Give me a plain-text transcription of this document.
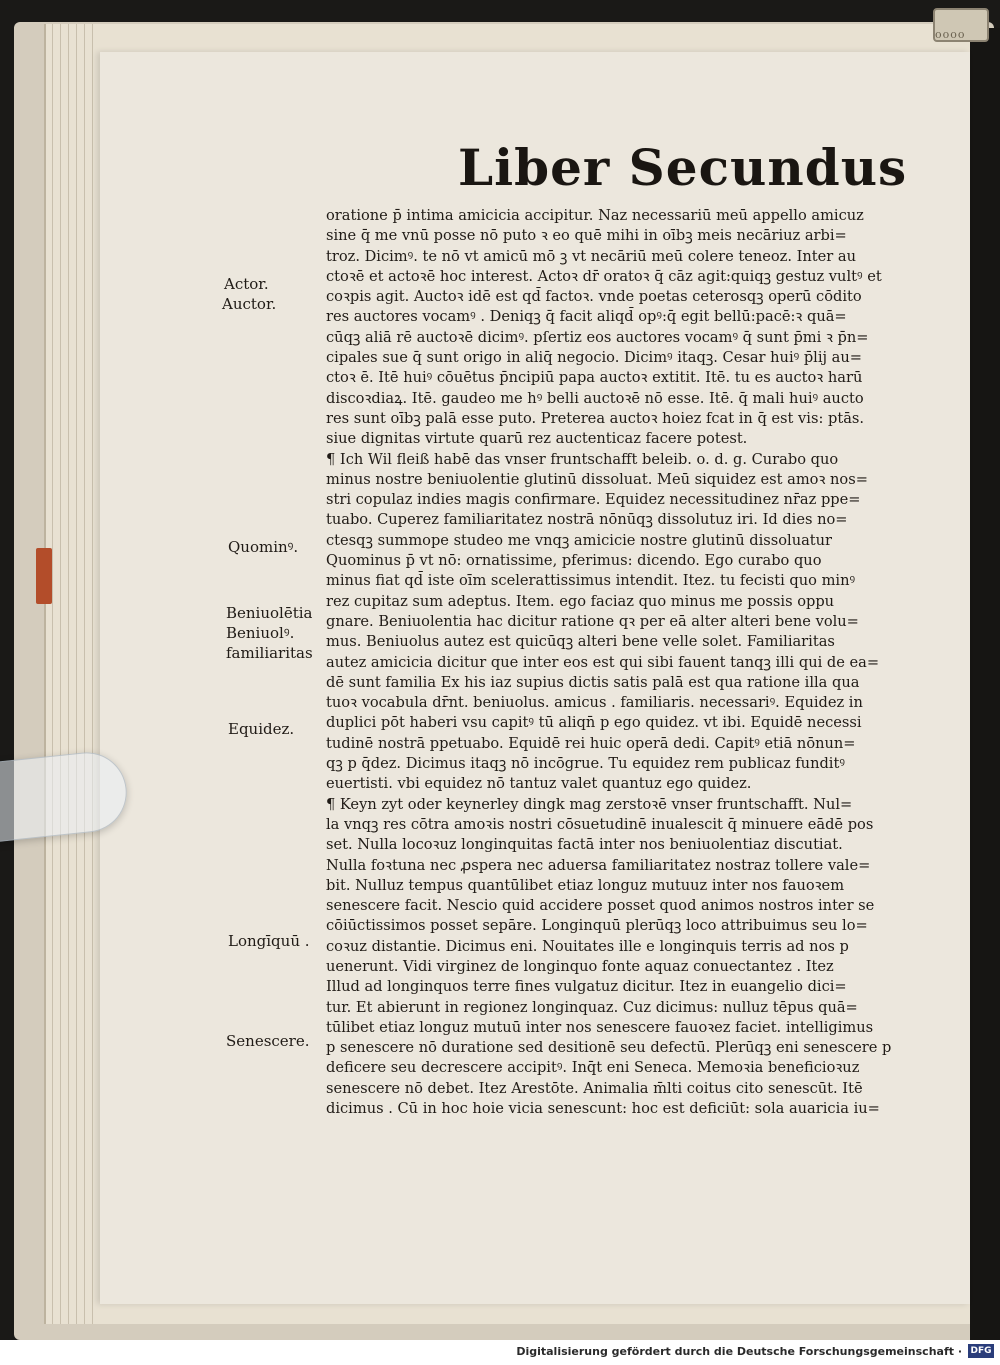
oooo
Liber Secundus
Actor.
Auctor.
Quominꝰ.
Beniuolētia
Beniuolꝰ.
familiaritas
Equidez.
Longīquū .
Senescere.
oratione p̄ intima amicicia accipitur. Naz necessariū meū appello amicuz
sine q̄ me vnū posse nō puto ꝛ eo quē mihi in oībꝫ meis necāriuz arbi=
troz. Dicimꝰ. te nō vt amicū mō ꝫ vt necāriū meū colere teneoz. Inter au
ctoꝛē et actoꝛē hoc interest. Actoꝛ dr̄ oratoꝛ q̄ cāz agit:quiqꝫ gestuz vultꝰ et
coꝛpis agit. Auctoꝛ idē est qd̄ factoꝛ. vnde poetas ceterosqꝫ operū cōdito
res auctores vocamꝰ . Deniqꝫ q̄ facit aliqd̄ opꝰ:q̄ egit bellū:pacē:ꝛ quā=
cūqꝫ aliā rē auctoꝛē dicimꝰ. pſertiz eos auctores vocamꝰ q̄ sunt p̄mi ꝛ p̄n=
cipales sue q̄ sunt origo in aliq̄ negocio. Dicimꝰ itaqꝫ. Cesar huiꝰ p̄lij au=
ctoꝛ ē. Itē huiꝰ cōuētus p̄ncipiū papa auctoꝛ extitit. Itē. tu es auctoꝛ harū
discoꝛdiaꝝ. Itē. gaudeo me hꝰ belli auctoꝛē nō esse. Itē. q̄ mali huiꝰ aucto
res sunt oībꝫ palā esse puto. Preterea auctoꝛ hoiez fcat in q̄ est vis: ptās.
siue dignitas virtute quarū rez auctenticaz facere potest.
¶ Ich Wil fleiß habē das vnser fruntschafft beleib. o. d. g. Curabo quo
minus nostre beniuolentie glutinū dissoluat. Meū siquidez est amoꝛ nos=
stri copulaz indies magis confirmare. Equidez necessitudinez nr̄az ppe=
tuabo. Cuperez familiaritatez nostrā nōnūqꝫ dissolutuz iri. Id dies no=
ctesqꝫ summope studeo me vnqꝫ amicicie nostre glutinū dissoluatur
Quominus p̄ vt nō: ornatissime, pferimus: dicendo. Ego curabo quo
minus fiat qd̄ iste oīm scelerattissimus intendit. Itez. tu fecisti quo minꝰ
rez cupitaz sum adeptus. Item. ego faciaz quo minus me possis oppu
gnare. Beniuolentia hac dicitur ratione qꝛ per eā alter alteri bene volu=
mus. Beniuolus autez est quicūqꝫ alteri bene velle solet. Familiaritas
autez amicicia dicitur que inter eos est qui sibi fauent tanqꝫ illi qui de ea=
dē sunt familia Ex his iaz supius dictis satis palā est qua ratione illa qua
tuoꝛ vocabula dr̄nt. beniuolus. amicus . familiaris. necessariꝰ. Equidez in
duplici pōt haberi vsu capitꝰ tū aliqn̄ p ego quidez. vt ibi. Equidē necessi
tudinē nostrā ppetuabo. Equidē rei huic operā dedi. Capitꝰ etiā nōnun=
qꝫ p q̄dez. Dicimus itaqꝫ nō incōgrue. Tu equidez rem publicaz funditꝰ
euertisti. vbi equidez nō tantuz valet quantuz ego quidez.
¶ Keyn zyt oder keynerley dingk mag zerstoꝛē vnser fruntschafft. Nul=
la vnqꝫ res cōtra amoꝛis nostri cōsuetudinē inualescit q̄ minuere eādē pos
set. Nulla locoꝛuz longinquitas factā inter nos beniuolentiaz discutiat.
Nulla foꝛtuna nec ꝓspera nec aduersa familiaritatez nostraz tollere vale=
bit. Nulluz tempus quantūlibet etiaz longuz mutuuz inter nos fauoꝛem
senescere facit. Nescio quid accidere posset quod animos nostros inter se
cōiūctissimos posset sepāre. Longinquū plerūqꝫ loco attribuimus seu lo=
coꝛuz distantie. Dicimus eni. Nouitates ille e longinquis terris ad nos p
uenerunt. Vidi virginez de longinquo fonte aquaz conuectantez . Itez
Illud ad longinquos terre fines vulgatuz dicitur. Itez in euangelio dici=
tur. Et abierunt in regionez longinquaz. Cuz dicimus: nulluz tēpus quā=
tūlibet etiaz longuz mutuū inter nos senescere fauoꝛez faciet. intelligimus
p senescere nō duratione sed desitionē seu defectū. Plerūqꝫ eni senescere p
deficere seu decrescere accipitꝰ. Inq̄t eni Seneca. Memoꝛia beneficioꝛuz
senescere nō debet. Itez Arestōte. Animalia m̄lti coitus cito senescūt. Itē
dicimus . Cū in hoc hoie vicia senescunt: hoc est deficiūt: sola auaricia iu=
Digitalisierung gefördert durch die Deutsche Forschungsgemeinschaft · DFG
